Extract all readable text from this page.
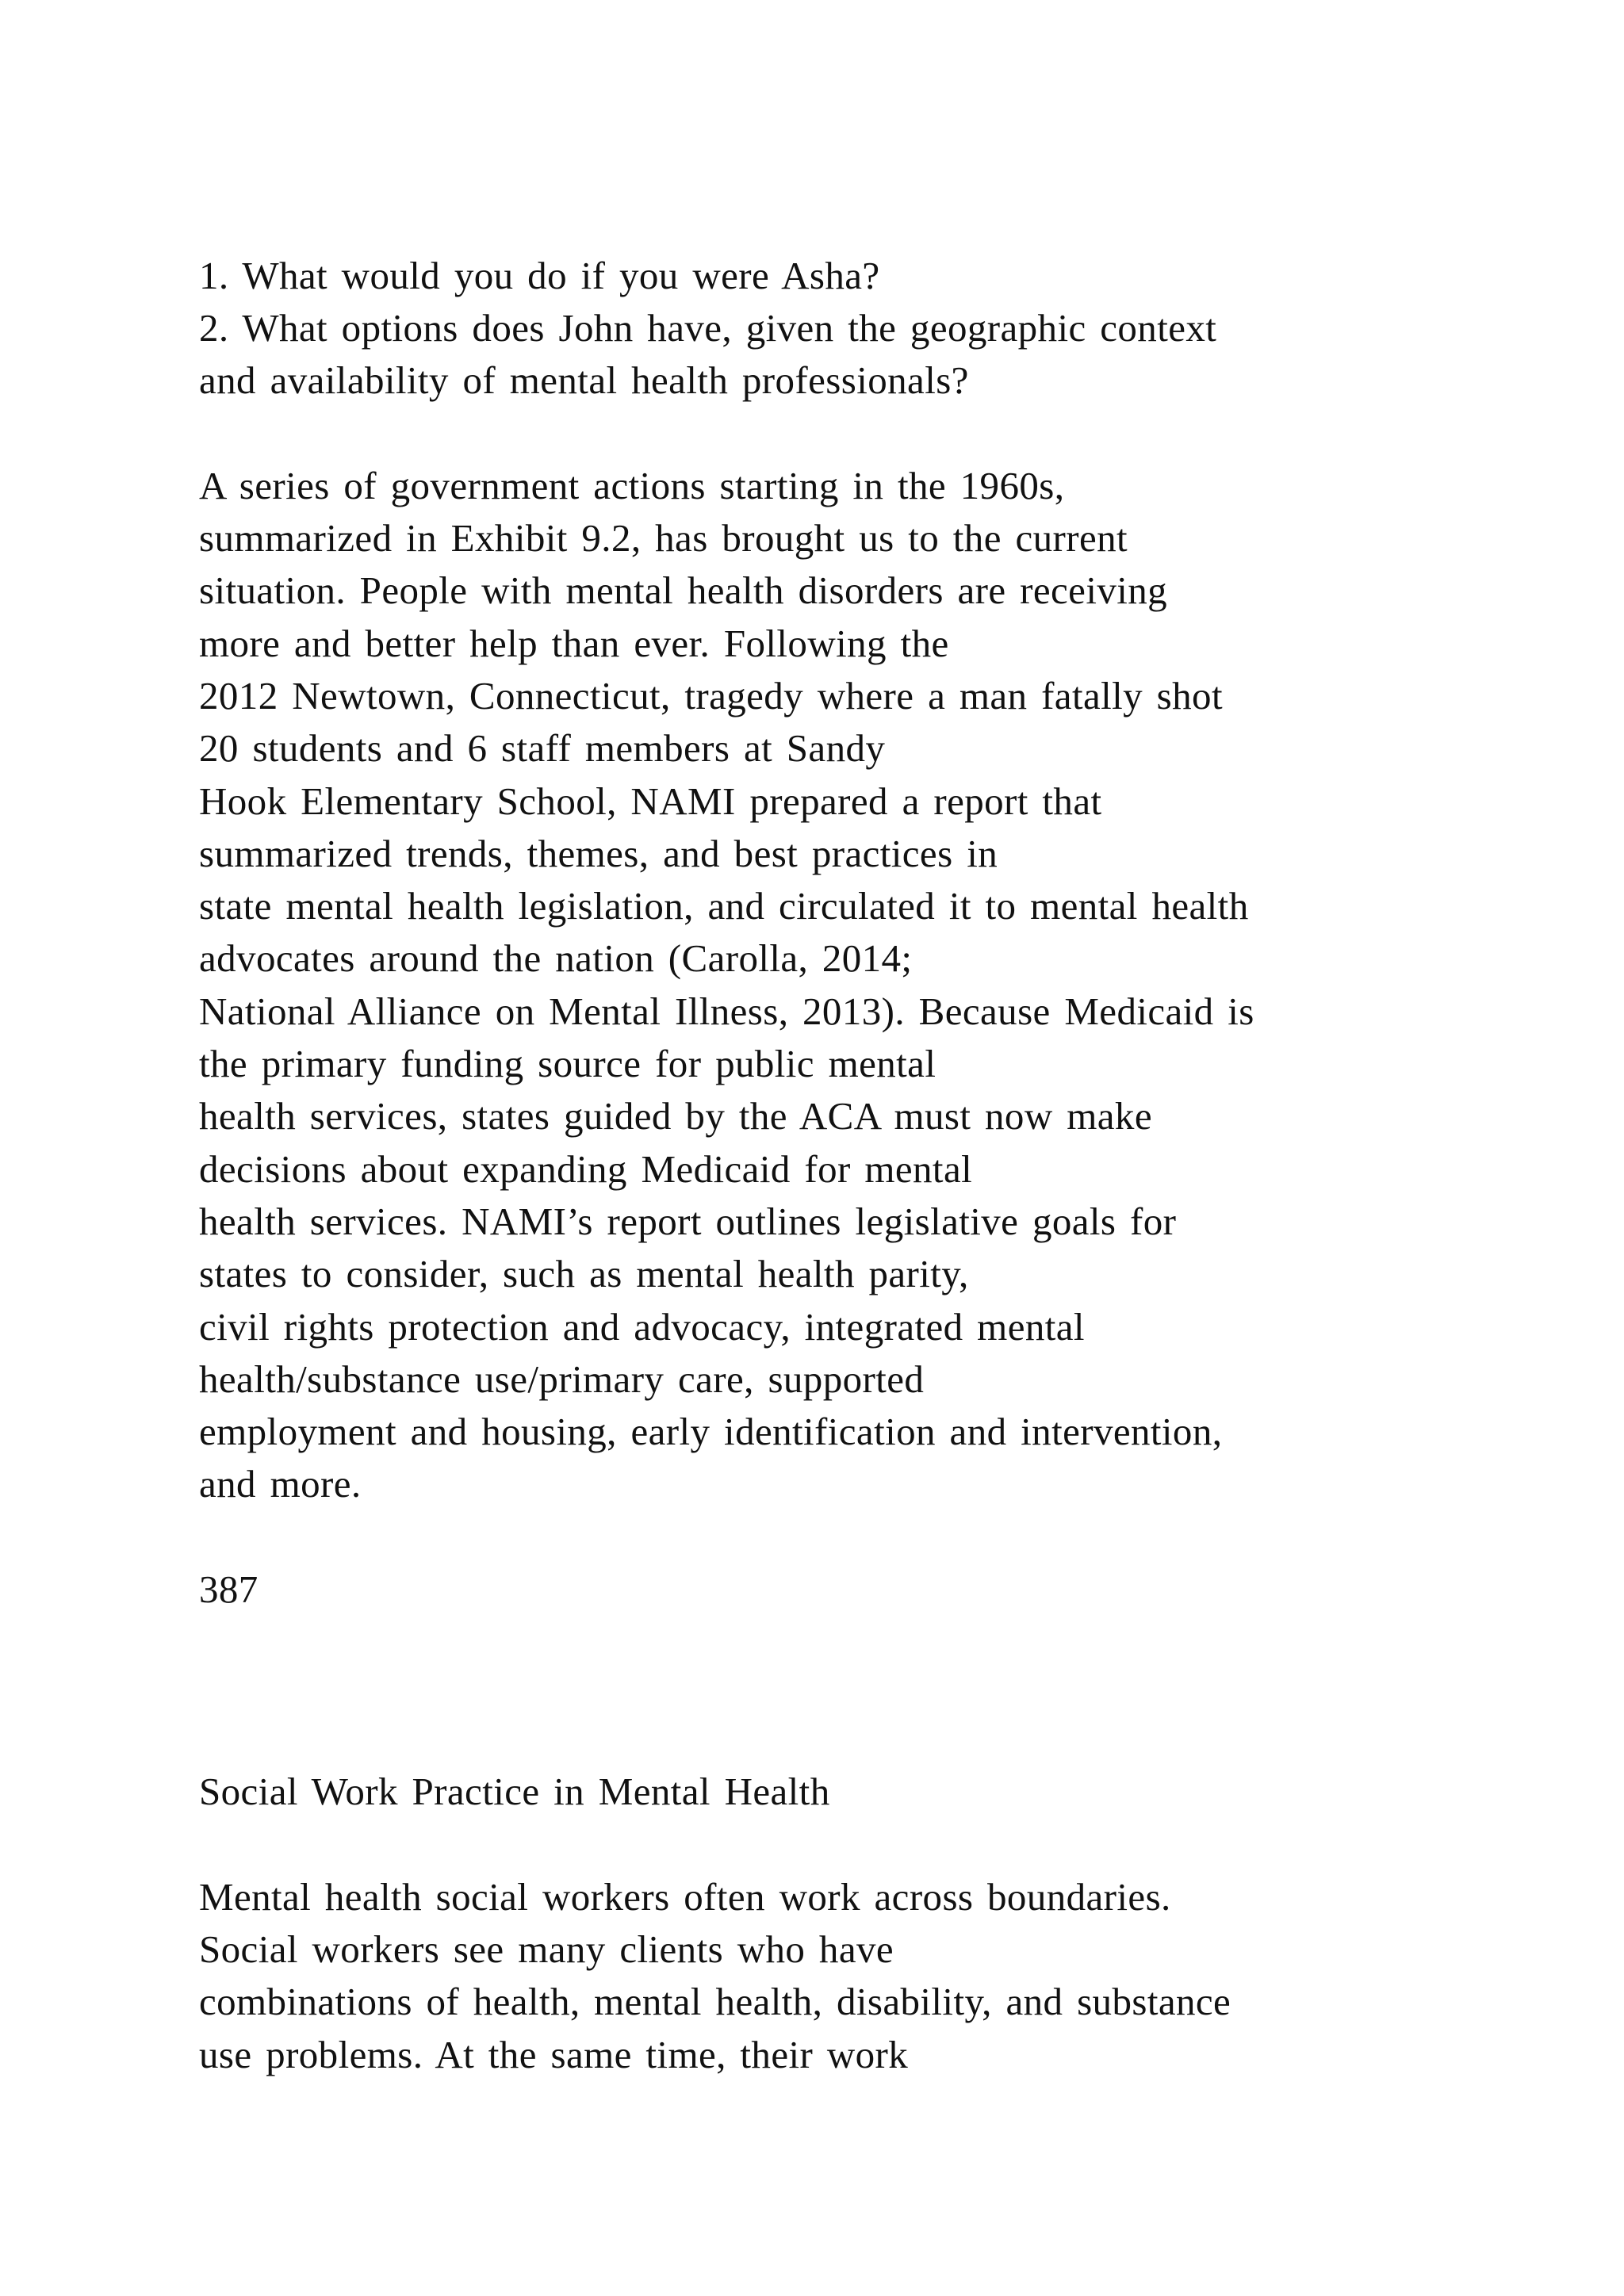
1. What would you do if you were Asha?
2. What options does John have, given the geographic context
and availability of mental health professionals?
A series of government actions starting in the 1960s,
summarized in Exhibit 9.2, has brought us to the current
situation. People with mental health disorders are receiving
more and better help than ever. Following the
2012 Newtown, Connecticut, tragedy where a man fatally shot
20 students and 6 staff members at Sandy
Hook Elementary School, NAMI prepared a report that
summarized trends, themes, and best practices in
state mental health legislation, and circulated it to mental health
advocates around the nation (Carolla, 2014;
National Alliance on Mental Illness, 2013). Because Medicaid is
the primary funding source for public mental
health services, states guided by the ACA must now make
decisions about expanding Medicaid for mental
health services. NAMI’s report outlines legislative goals for
states to consider, such as mental health parity,
civil rights protection and advocacy, integrated mental
health/substance use/primary care, supported
employment and housing, early identification and intervention,
and more.
387
Social Work Practice in Mental Health
Mental health social workers often work across boundaries.
Social workers see many clients who have
combinations of health, mental health, disability, and substance
use problems. At the same time, their work
